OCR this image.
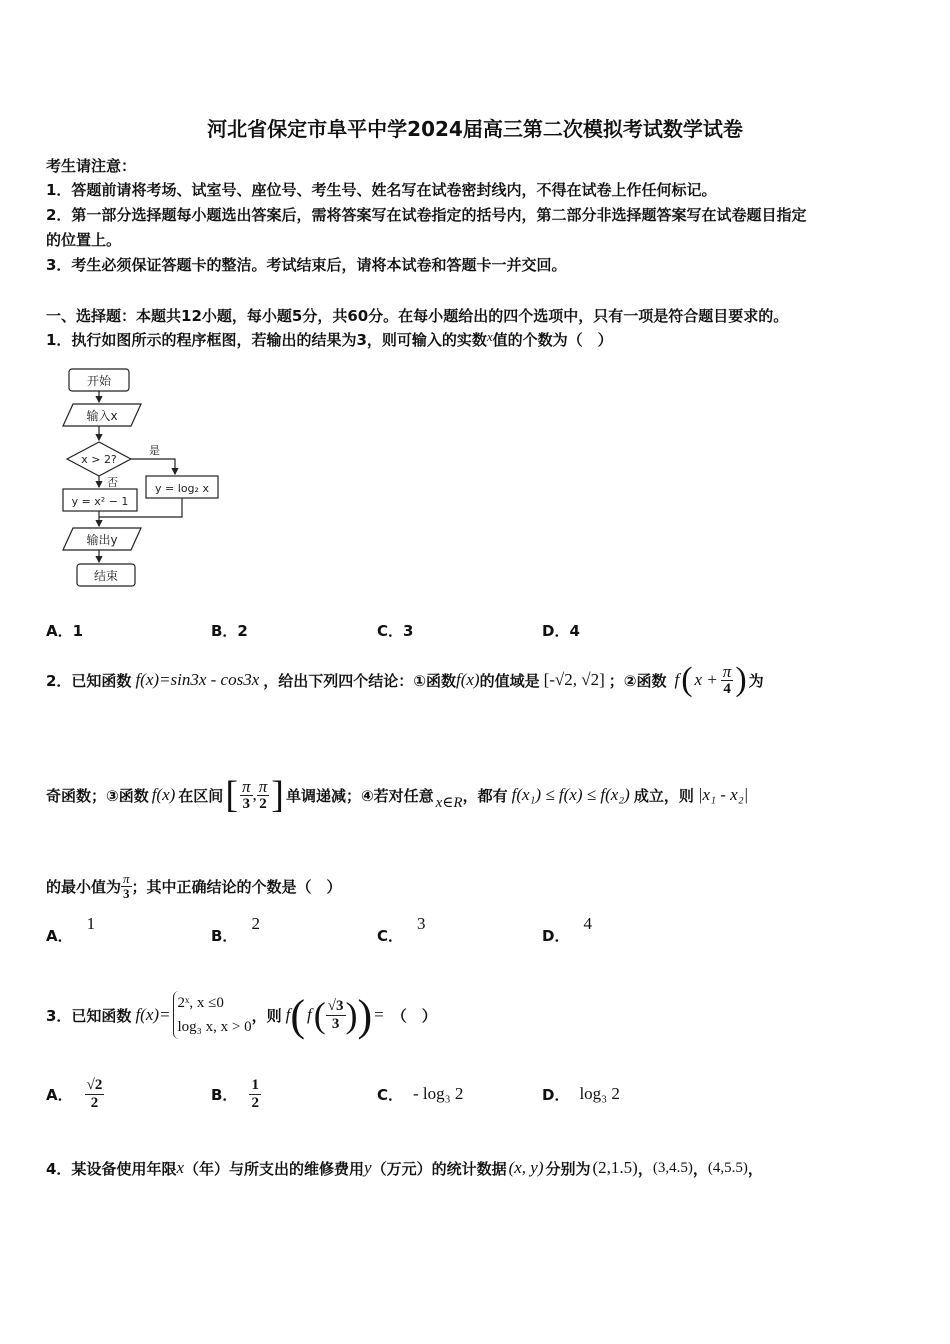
河北省保定市阜平中学2024届高三第二次模拟考试数学试卷
考生请注意：
1．答题前请将考场、试室号、座位号、考生号、姓名写在试卷密封线内，不得在试卷上作任何标记。
2．第一部分选择题每小题选出答案后，需将答案写在试卷指定的括号内，第二部分非选择题答案写在试卷题目指定
的位置上。
3．考生必须保证答题卡的整洁。考试结束后，请将本试卷和答题卡一并交回。
一、选择题：本题共12小题，每小题5分，共60分。在每小题给出的四个选项中，只有一项是符合题目要求的。
1．执行如图所示的程序框图，若输出的结果为3，则可输入的实数x值的个数为（　）
开始
输入x
x > 2?
是
否	y = log₂ x
y = x² − 1
输出y
结束
A．1	B．2	C．3	D．4
2．已知函数 f(x)=sin3x - cos3x ，给出下列四个结论：①函数 f(x) 的值域是 [-√2, √2] ；②函数 f ( $x + \frac{\pi}{4}$ ) 为
奇函数；③函数 f(x) 在区间 [ $\frac{\pi}{3}$ , $\frac{\pi}{2}$ ] 单调递减；④若对任意 x∈R ，都有 f(x₁) ≤ f(x) ≤ f(x₂) 成立，则 |x₁ - x₂|
的最小值为 $\frac{\pi}{3}$ ；其中正确结论的个数是（　）
A．1
B．2
C．3
D．4
3．已知函数 f(x)=
2ˣ, x ≤0
log₃ x, x > 0
，则 f ( f ( $\frac{√3}{3}$ ) ) = （　）
A． $\frac{√2}{2}$	B． $\frac{1}{2}$	C． - log₃ 2	D． log₃ 2
4．某设备使用年限 x （年）与所支出的维修费用 y （万元）的统计数据 (x, y) 分别为 (2,1.5) ， (3,4.5) ， (4,5.5) ，
